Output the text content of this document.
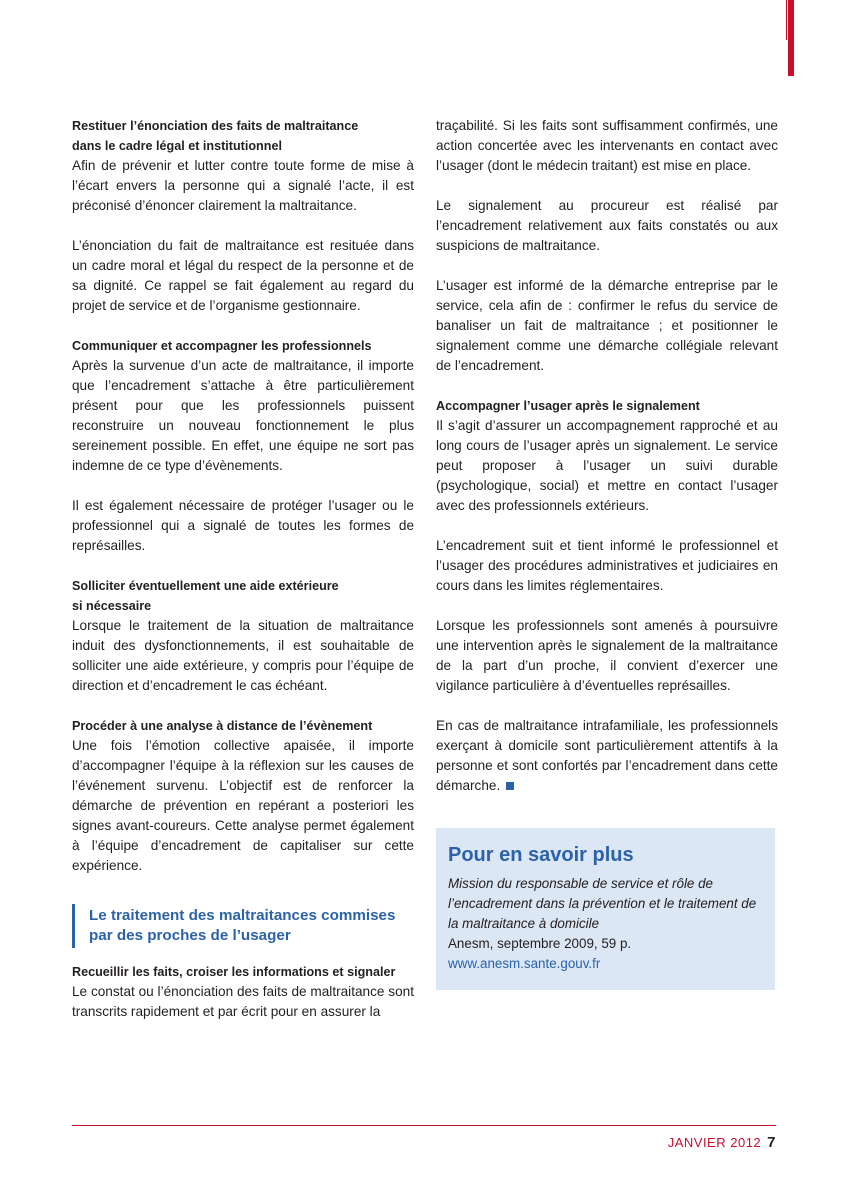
Restituer l’énonciation des faits de maltraitance
dans le cadre légal et institutionnel
Afin de prévenir et lutter contre toute forme de mise à l’écart envers la personne qui a signalé l’acte, il est préconisé d’énoncer clairement la maltraitance.

L’énonciation du fait de maltraitance est resituée dans un cadre moral et légal du respect de la personne et de sa dignité. Ce rappel se fait également au regard du projet de service et de l’organisme gestionnaire.

Communiquer et accompagner les professionnels
Après la survenue d’un acte de maltraitance, il importe que l’encadrement s’attache à être particulièrement présent pour que les professionnels puissent reconstruire un nouveau fonctionnement le plus sereinement possible. En effet, une équipe ne sort pas indemne de ce type d’évènements.

Il est également nécessaire de protéger l’usager ou le professionnel qui a signalé de toutes les formes de représailles.

Solliciter éventuellement une aide extérieure
si nécessaire
Lorsque le traitement de la situation de maltraitance induit des dysfonctionnements, il est souhaitable de solliciter une aide extérieure, y compris pour l’équipe de direction et d’encadrement le cas échéant.

Procéder à une analyse à distance de l’évènement
Une fois l’émotion collective apaisée, il importe d’accompagner l’équipe à la réflexion sur les causes de l’événement survenu. L’objectif est de renforcer la démarche de prévention en repérant a posteriori les signes avant-coureurs. Cette analyse permet également à l’équipe d’encadrement de capitaliser sur cette expérience.

Le traitement des maltraitances commises par des proches de l’usager

Recueillir les faits, croiser les informations et signaler
Le constat ou l’énonciation des faits de maltraitance sont transcrits rapidement et par écrit pour en assurer la

traçabilité. Si les faits sont suffisamment confirmés, une action concertée avec les intervenants en contact avec l’usager (dont le médecin traitant) est mise en place.

Le signalement au procureur est réalisé par l’encadrement relativement aux faits constatés ou aux suspicions de maltraitance.

L’usager est informé de la démarche entreprise par le service, cela afin de : confirmer le refus du service de banaliser un fait de maltraitance ; et positionner le signalement comme une démarche collégiale relevant de l’encadrement.

Accompagner l’usager après le signalement
Il s’agit d’assurer un accompagnement rapproché et au long cours de l’usager après un signalement. Le service peut proposer à l’usager un suivi durable (psychologique, social) et mettre en contact l’usager avec des professionnels extérieurs.

L’encadrement suit et tient informé le professionnel et l’usager des procédures administratives et judiciaires en cours dans les limites réglementaires.

Lorsque les professionnels sont amenés à poursuivre une intervention après le signalement de la maltraitance de la part d’un proche, il convient d’exercer une vigilance particulière à d’éventuelles représailles.

En cas de maltraitance intrafamiliale, les professionnels exerçant à domicile sont particulièrement attentifs à la personne et sont confortés par l’encadrement dans cette démarche.

Pour en savoir plus
Mission du responsable de service et rôle de l’encadrement dans la prévention et le traitement de la maltraitance à domicile
Anesm, septembre 2009, 59 p.
www.anesm.sante.gouv.fr
JANVIER 2012 7
